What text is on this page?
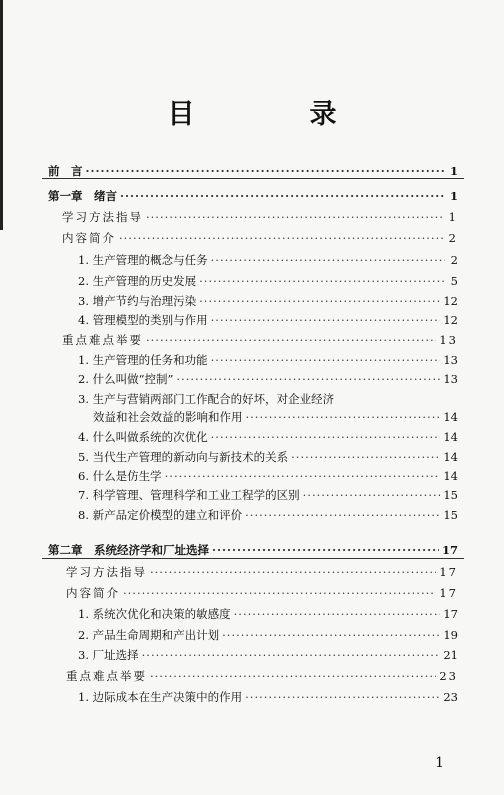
目　录
前　言 ·····	1
第一章　绪言 ·····	1
学习方法指导 ·····	1
内容简介 ·····	2
1. 生产管理的概念与任务 ·····	2
2. 生产管理的历史发展 ·····	5
3. 增产节约与治理污染 ·····	12
4. 管理模型的类别与作用 ·····	12
重点难点举要 ·····	13
1. 生产管理的任务和功能 ·····	13
2. 什么叫做“控制” ·····	13
3. 生产与营销两部门工作配合的好坏，对企业经济
效益和社会效益的影响和作用 ·····	14
4. 什么叫做系统的次优化 ·····	14
5. 当代生产管理的新动向与新技术的关系 ·····	14
6. 什么是仿生学 ·····	14
7. 科学管理、管理科学和工业工程学的区别 ·····	15
8. 新产品定价模型的建立和评价 ·····	15
第二章　系统经济学和厂址选择 ·····	17
学习方法指导 ·····	17
内容简介 ·····	17
1. 系统次优化和决策的敏感度 ·····	17
2. 产品生命周期和产出计划 ·····	19
3. 厂址选择 ·····	21
重点难点举要 ·····	23
1. 边际成本在生产决策中的作用 ·····	23
1
